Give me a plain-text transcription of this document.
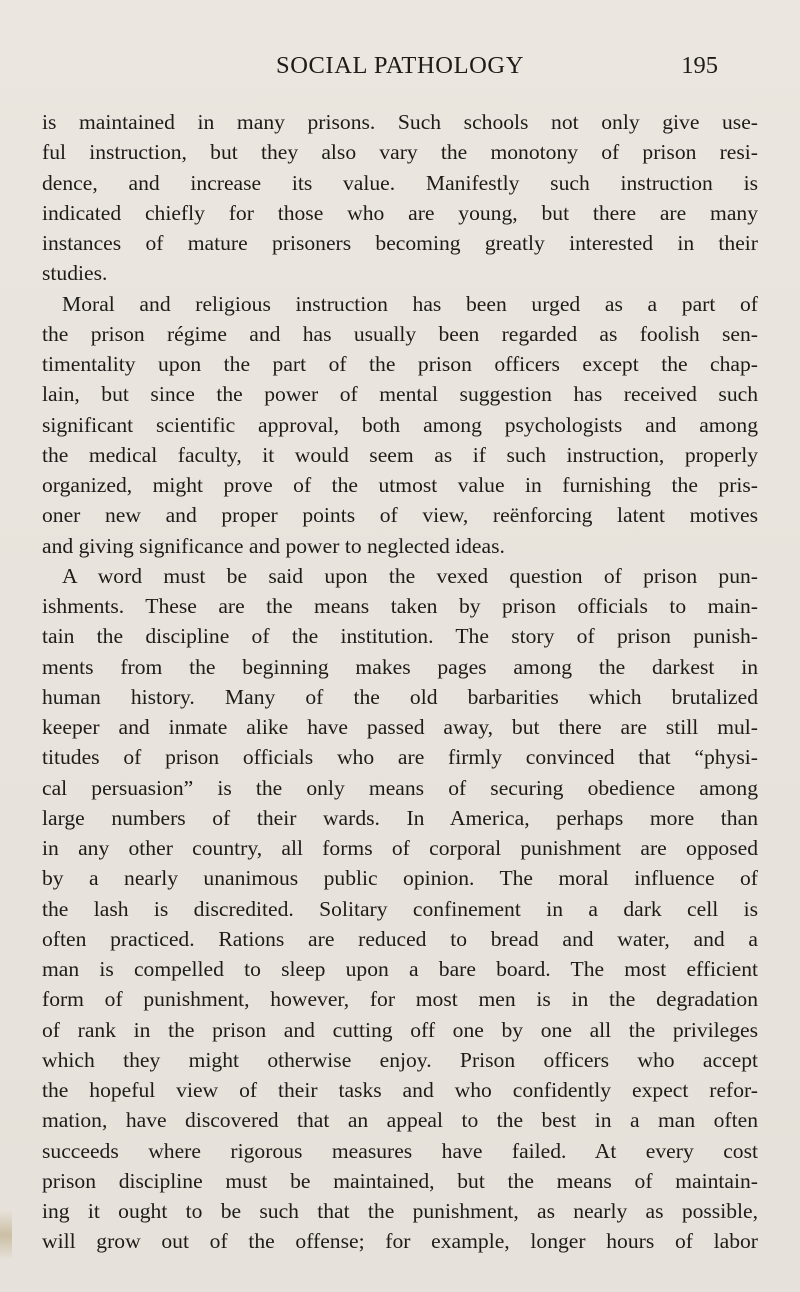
SOCIAL PATHOLOGY	195
is maintained in many prisons. Such schools not only give use-
ful instruction, but they also vary the monotony of prison resi-
dence, and increase its value. Manifestly such instruction is
indicated chiefly for those who are young, but there are many
instances of mature prisoners becoming greatly interested in their
studies.
Moral and religious instruction has been urged as a part of
the prison régime and has usually been regarded as foolish sen-
timentality upon the part of the prison officers except the chap-
lain, but since the power of mental suggestion has received such
significant scientific approval, both among psychologists and among
the medical faculty, it would seem as if such instruction, properly
organized, might prove of the utmost value in furnishing the pris-
oner new and proper points of view, reënforcing latent motives
and giving significance and power to neglected ideas.
A word must be said upon the vexed question of prison pun-
ishments. These are the means taken by prison officials to main-
tain the discipline of the institution. The story of prison punish-
ments from the beginning makes pages among the darkest in
human history. Many of the old barbarities which brutalized
keeper and inmate alike have passed away, but there are still mul-
titudes of prison officials who are firmly convinced that “physi-
cal persuasion” is the only means of securing obedience among
large numbers of their wards. In America, perhaps more than
in any other country, all forms of corporal punishment are opposed
by a nearly unanimous public opinion. The moral influence of
the lash is discredited. Solitary confinement in a dark cell is
often practiced. Rations are reduced to bread and water, and a
man is compelled to sleep upon a bare board. The most efficient
form of punishment, however, for most men is in the degradation
of rank in the prison and cutting off one by one all the privileges
which they might otherwise enjoy. Prison officers who accept
the hopeful view of their tasks and who confidently expect refor-
mation, have discovered that an appeal to the best in a man often
succeeds where rigorous measures have failed. At every cost
prison discipline must be maintained, but the means of maintain-
ing it ought to be such that the punishment, as nearly as possible,
will grow out of the offense; for example, longer hours of labor
